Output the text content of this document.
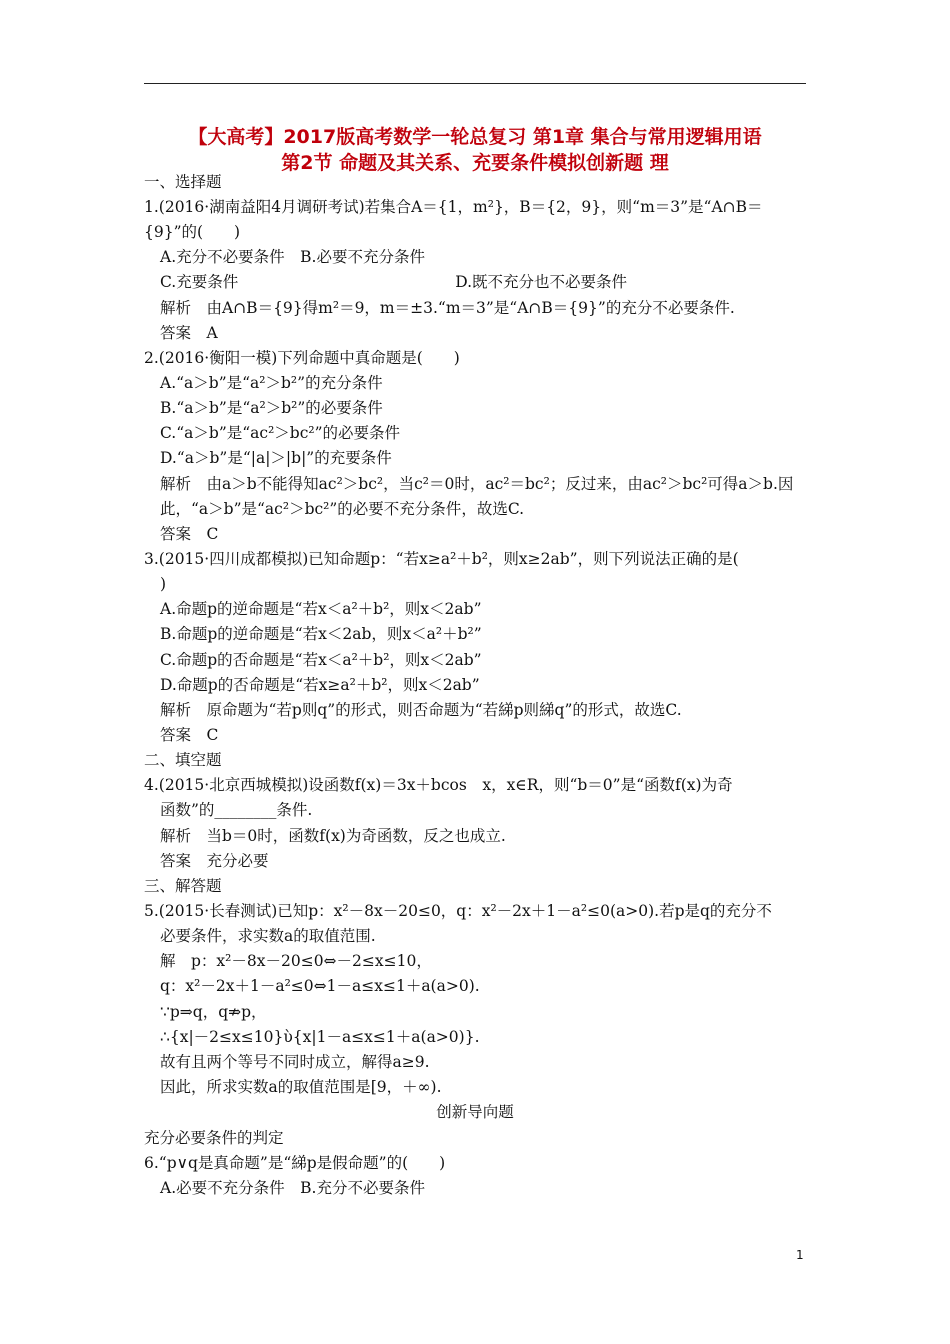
【大高考】2017版高考数学一轮总复习 第1章 集合与常用逻辑用语
第2节 命题及其关系、充要条件模拟创新题 理
一、选择题
1.(2016·湖南益阳4月调研考试)若集合A＝{1，m²}，B＝{2，9}，则“m＝3”是“A∩B＝
{9}”的(　　)
A.充分不必要条件　B.必要不充分条件
C.充要条件　　　　　　　　　　　　　　D.既不充分也不必要条件
解析　由A∩B＝{9}得m²＝9，m＝±3.“m＝3”是“A∩B＝{9}”的充分不必要条件.
答案　A
2.(2016·衡阳一模)下列命题中真命题是(　　)
A.“a＞b”是“a²＞b²”的充分条件
B.“a＞b”是“a²＞b²”的必要条件
C.“a＞b”是“ac²＞bc²”的必要条件
D.“a＞b”是“|a|＞|b|”的充要条件
解析　由a＞b不能得知ac²＞bc²，当c²＝0时，ac²＝bc²；反过来，由ac²＞bc²可得a＞b.因
此，“a＞b”是“ac²＞bc²”的必要不充分条件，故选C.
答案　C
3.(2015·四川成都模拟)已知命题p：“若x≥a²＋b²，则x≥2ab”，则下列说法正确的是(
)
A.命题p的逆命题是“若x＜a²＋b²，则x＜2ab”
B.命题p的逆命题是“若x＜2ab，则x＜a²＋b²”
C.命题p的否命题是“若x＜a²＋b²，则x＜2ab”
D.命题p的否命题是“若x≥a²＋b²，则x＜2ab”
解析　原命题为“若p则q”的形式，则否命题为“若綈p则綈q”的形式，故选C.
答案　C
二、填空题
4.(2015·北京西城模拟)设函数f(x)＝3x＋bcos　x，x∈R，则“b＝0”是“函数f(x)为奇
函数”的________条件.
解析　当b＝0时，函数f(x)为奇函数，反之也成立.
答案　充分必要
三、解答题
5.(2015·长春测试)已知p：x²－8x－20≤0，q：x²－2x＋1－a²≤0(a>0).若p是q的充分不
必要条件，求实数a的取值范围.
解　p：x²－8x－20≤0⇔－2≤x≤10，
q：x²－2x＋1－a²≤0⇔1－a≤x≤1＋a(a>0).
∵p⇒q，q⇏p，
∴{x|－2≤x≤10}ὺ{x|1－a≤x≤1＋a(a>0)}.
故有且两个等号不同时成立，解得a≥9.
因此，所求实数a的取值范围是[9，＋∞).
创新导向题
充分必要条件的判定
6.“p∨q是真命题”是“綈p是假命题”的(　　)
A.必要不充分条件　B.充分不必要条件
1
